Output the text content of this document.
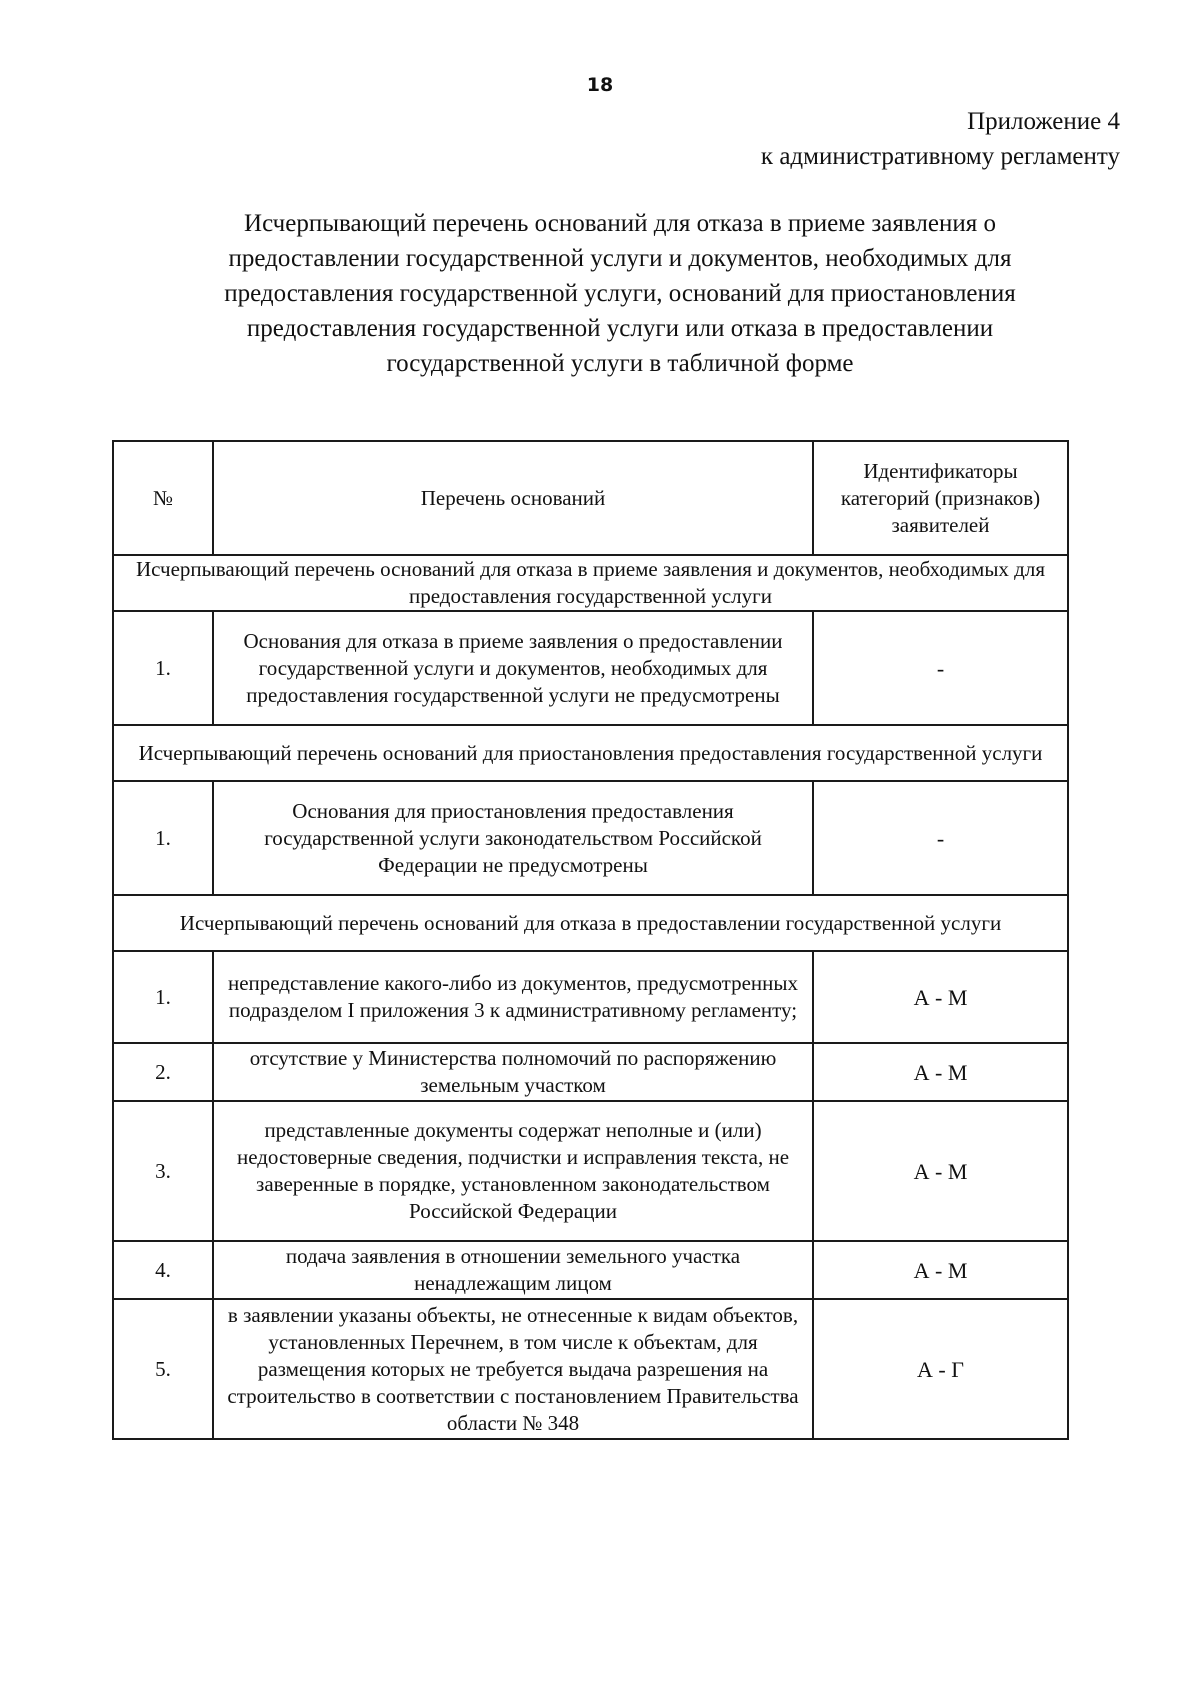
18
Приложение 4
к административному регламенту
Исчерпывающий перечень оснований для отказа в приеме заявления о
предоставлении государственной услуги и документов, необходимых для
предоставления государственной услуги, оснований для приостановления
предоставления государственной услуги или отказа в предоставлении
государственной услуги в табличной форме
№	Перечень оснований	Идентификаторы категорий (признаков) заявителей
Исчерпывающий перечень оснований для отказа в приеме заявления и документов, необходимых для предоставления государственной услуги		
1.	Основания для отказа в приеме заявления о предоставлении государственной услуги и документов, необходимых для предоставления государственной услуги не предусмотрены	-
Исчерпывающий перечень оснований для приостановления предоставления государственной услуги		
1.	Основания для приостановления предоставления государственной услуги законодательством Российской Федерации не предусмотрены	-
Исчерпывающий перечень оснований для отказа в предоставлении государственной услуги		
1.	непредставление какого-либо из документов, предусмотренных подразделом I приложения 3 к административному регламенту;	А - М
2.	отсутствие у Министерства полномочий по распоряжению земельным участком	А - М
3.	представленные документы содержат неполные и (или) недостоверные сведения, подчистки и исправления текста, не заверенные в порядке, установленном законодательством Российской Федерации	А - М
4.	подача заявления в отношении земельного участка ненадлежащим лицом	А - М
5.	в заявлении указаны объекты, не отнесенные к видам объектов, установленных Перечнем, в том числе к объектам, для размещения которых не требуется выдача разрешения на строительство в соответствии с постановлением Правительства области № 348	А - Г
